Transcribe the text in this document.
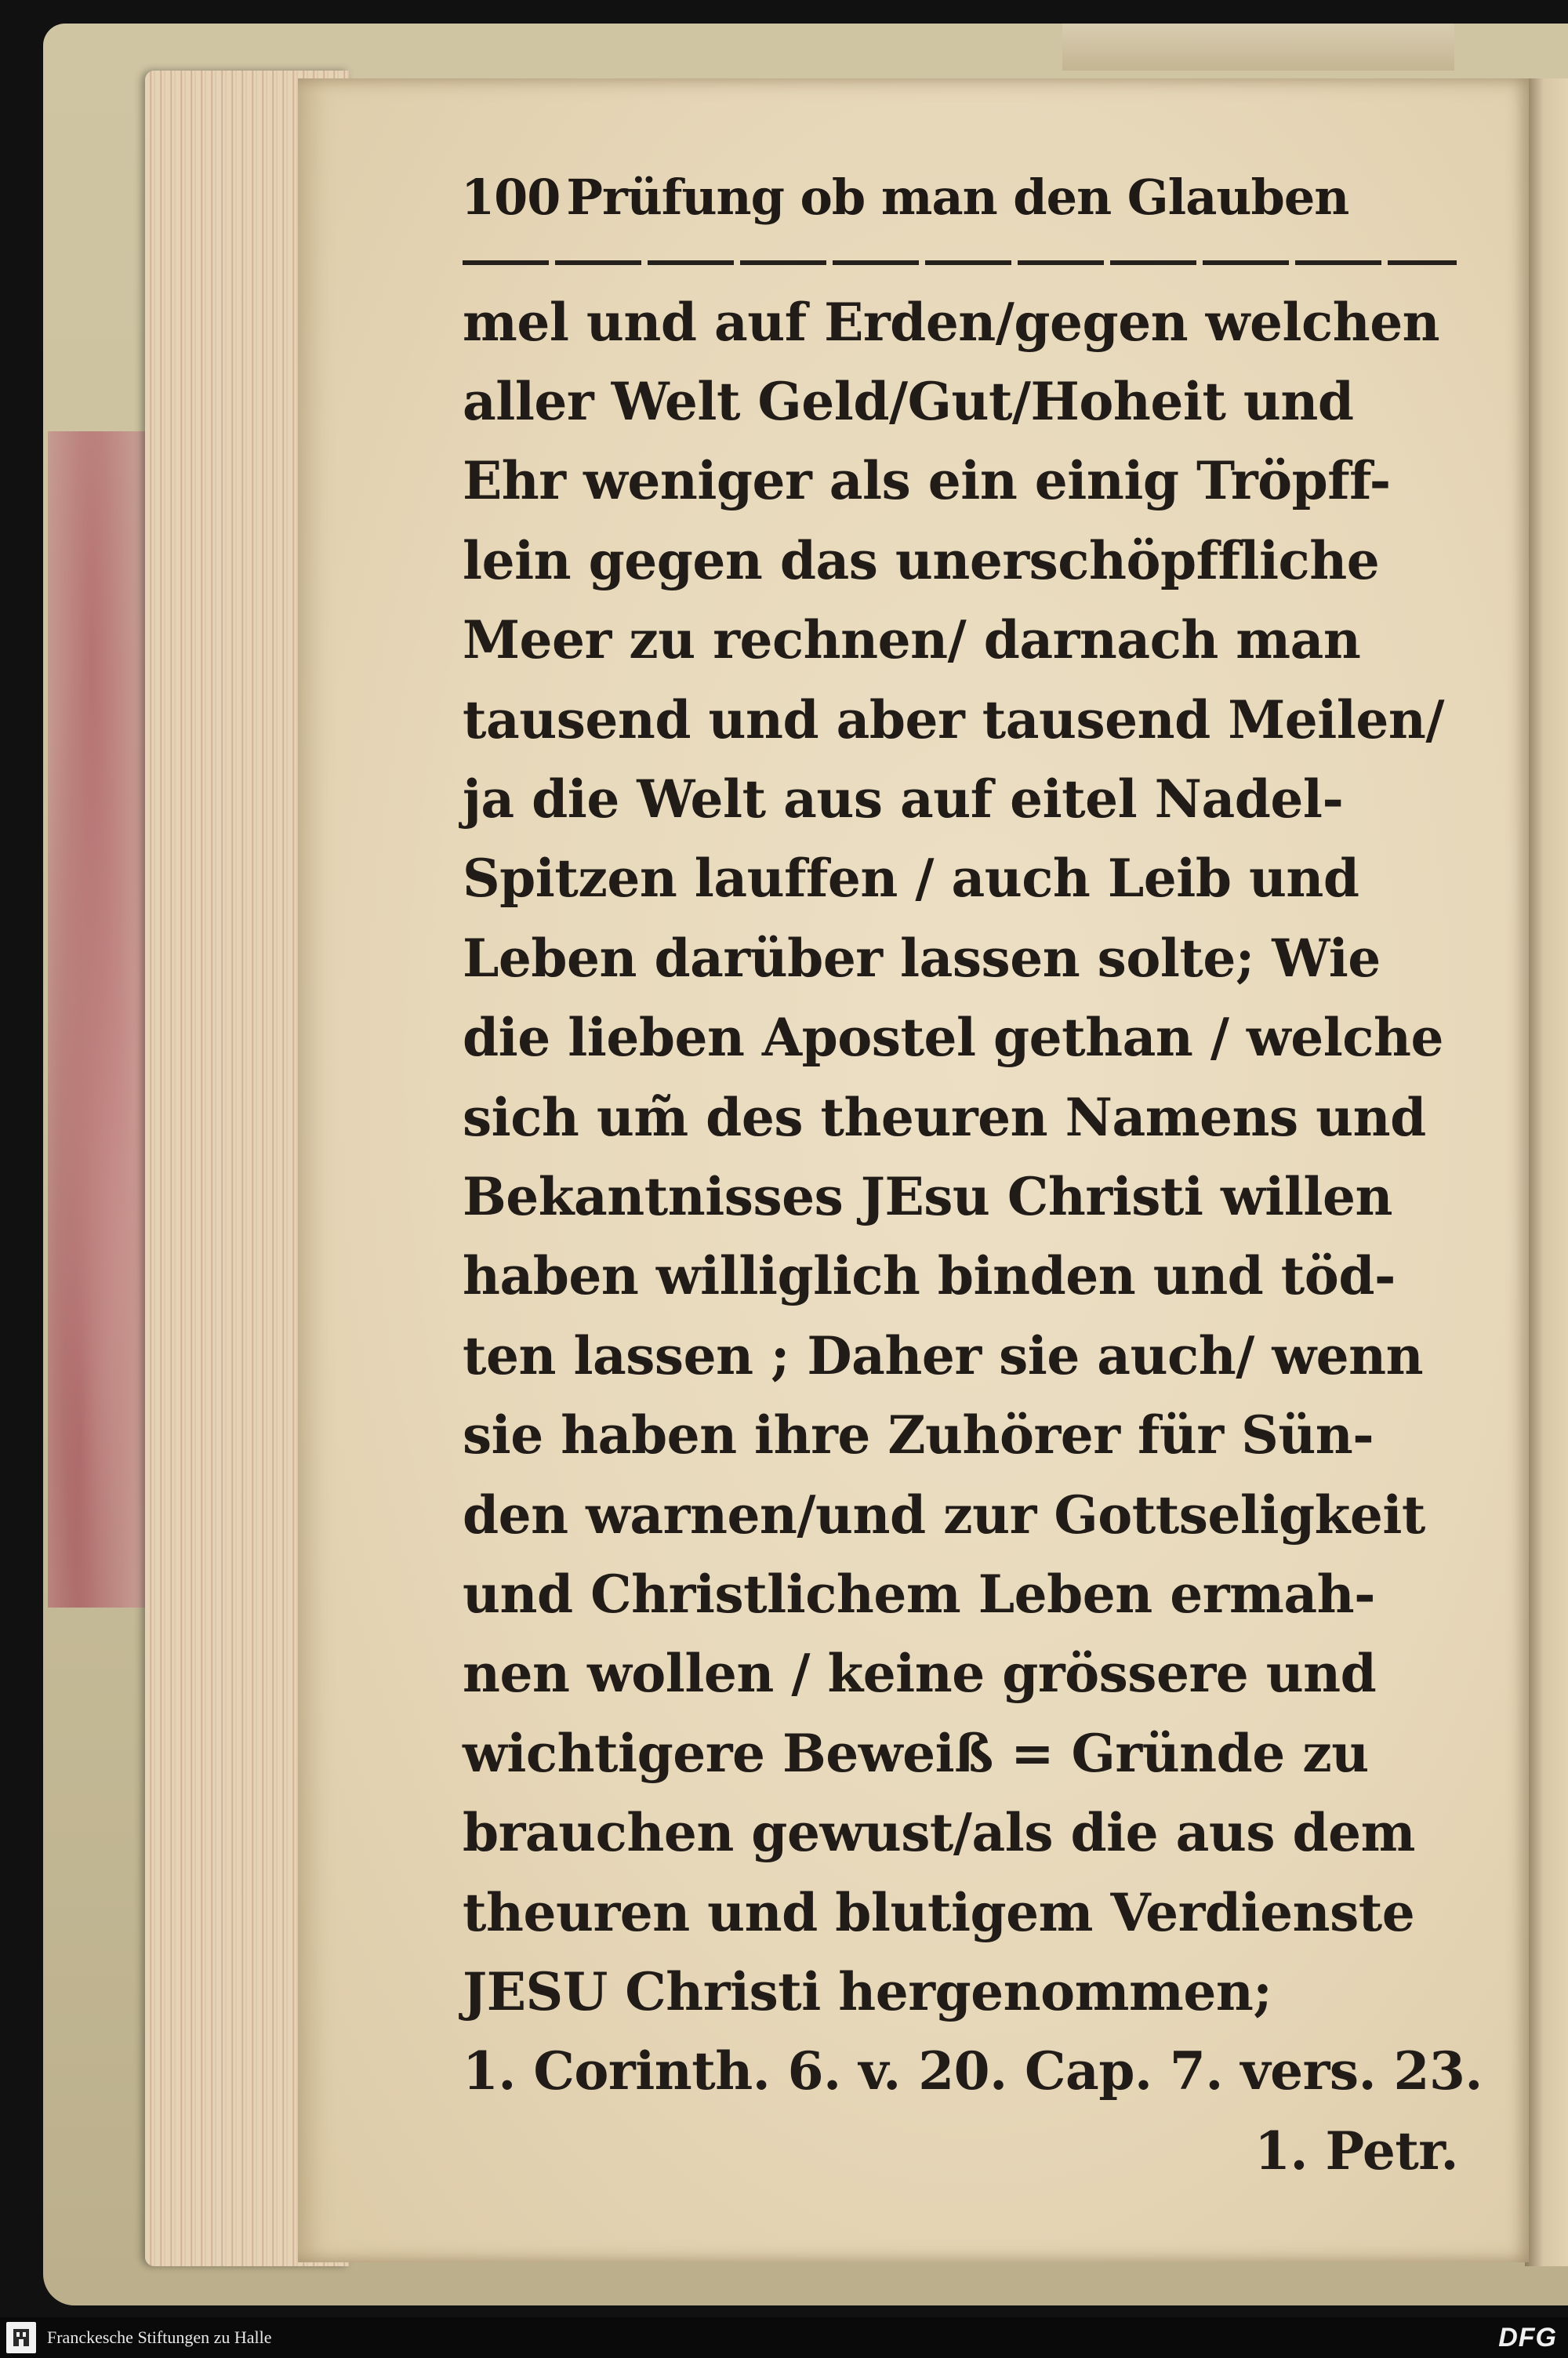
100 Prüfung ob man den Glauben
mel und auf Erden/gegen welchen
aller Welt Geld/Gut/Hoheit und
Ehr weniger als ein einig Tröpff-
lein gegen das unerschöpffliche
Meer zu rechnen/ darnach man
tausend und aber tausend Meilen/
ja die Welt aus auf eitel Nadel-
Spitzen lauffen / auch Leib und
Leben darüber lassen solte; Wie
die lieben Apostel gethan / welche
sich um̃ des theuren Namens und
Bekantnisses JEsu Christi willen
haben williglich binden und töd-
ten lassen ; Daher sie auch/ wenn
sie haben ihre Zuhörer für Sün-
den warnen/und zur Gottseligkeit
und Christlichem Leben ermah-
nen wollen / keine grössere und
wichtigere Beweiß = Gründe zu
brauchen gewust/als die aus dem
theuren und blutigem Verdienste
JESU Christi hergenommen;
1. Corinth. 6. v. 20. Cap. 7. vers. 23.
1. Petr.
Franckesche Stiftungen zu Halle	DFG
